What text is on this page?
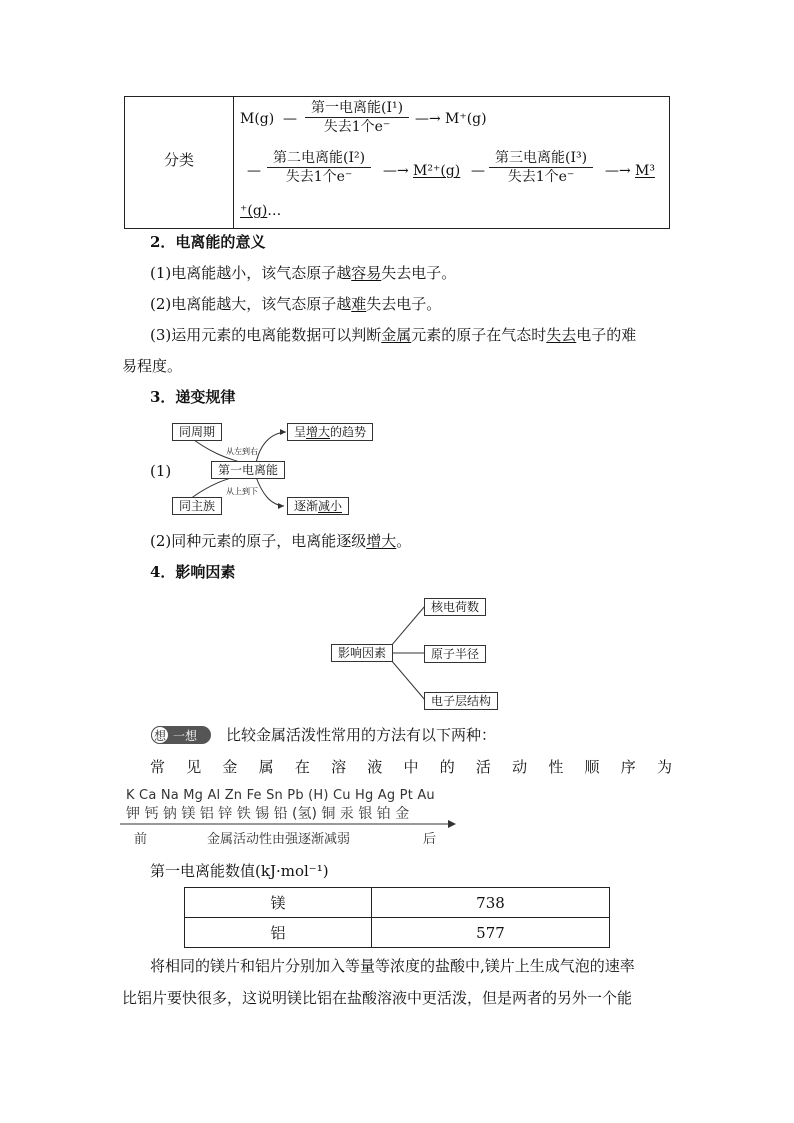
分类
M(g) —
第一电离能(I¹)
失去1个e⁻	—→ M⁺(g)
—
第二电离能(I²)
失去1个e⁻	—→ M²⁺(g) —
第三电离能(I³)
失去1个e⁻	—→ M³
⁺(g)…
2．电离能的意义
(1)电离能越小，该气态原子越容易失去电子。
(2)电离能越大，该气态原子越难失去电子。
(3)运用元素的电离能数据可以判断金属元素的原子在气态时失去电子的难
易程度。
3．递变规律
同周期
从左到右
呈增大的趋势
(1)	第一电离能
从上到下
同主族	逐渐减小
(2)同种元素的原子，电离能逐级增大。
4．影响因素
影响因素
核电荷数
原子半径
电子层结构
想 一想	比较金属活泼性常用的方法有以下两种：
常见金属在溶液中的活动性顺序为
K Ca Na Mg Al Zn Fe Sn Pb (H) Cu Hg Ag Pt Au
钾 钙 钠 镁 铝 锌 铁 锡 铅 (氢) 铜 汞 银 铂 金
前	金属活动性由强逐渐减弱	后
第一电离能数值(kJ·mol⁻¹)
镁	738
铝	577
将相同的镁片和铝片分别加入等量等浓度的盐酸中,镁片上生成气泡的速率
比铝片要快很多，这说明镁比铝在盐酸溶液中更活泼，但是两者的另外一个能
